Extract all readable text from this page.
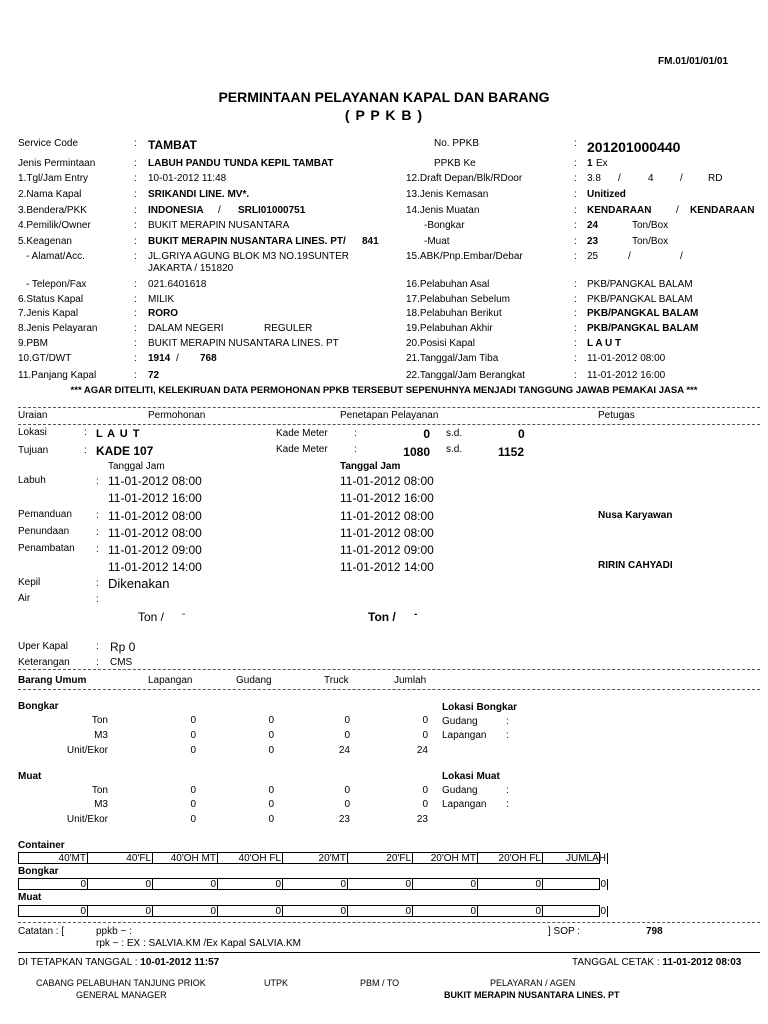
FM.01/01/01/01
PERMINTAAN PELAYANAN KAPAL DAN BARANG
( P P K B )
Service Code	: TAMBAT
Jenis Permintaan	: LABUH PANDU TUNDA KEPIL TAMBAT
1.Tgl/Jam Entry	: 10-01-2012 11:48
2.Nama Kapal	: SRIKANDI LINE. MV*.
3.Bendera/PKK	: INDONESIA / SRLI01000751
4.Pemilik/Owner	: BUKIT MERAPIN NUSANTARA
5.Keagenan	: BUKIT MERAPIN NUSANTARA LINES. PT/ 841
- Alamat/Acc.	: JL.GRIYA AGUNG BLOK M3 NO.19SUNTER
JAKARTA / 151820
- Telepon/Fax	: 021.6401618
6.Status Kapal	: MILIK
7.Jenis Kapal	: RORO
8.Jenis Pelayaran	: DALAM NEGERI	REGULER
9.PBM	: BUKIT MERAPIN NUSANTARA LINES. PT
10.GT/DWT	: 1914 / 768
11.Panjang Kapal	: 72
No. PPKB	: 201201000440
PPKB Ke	: 1 Ex
12.Draft Depan/Blk/RDoor	: 3.8 /	4	/	RD
13.Jenis Kemasan	: Unitized
14.Jenis Muatan	: KENDARAAN / KENDARAAN
-Bongkar	: 24	Ton/Box
-Muat	: 23	Ton/Box
15.ABK/Pnp.Embar/Debar	: 25	/	/
16.Pelabuhan Asal	: PKB/PANGKAL BALAM
17.Pelabuhan Sebelum	: PKB/PANGKAL BALAM
18.Pelabuhan Berikut	: PKB/PANGKAL BALAM
19.Pelabuhan Akhir	: PKB/PANGKAL BALAM
20.Posisi Kapal	: L A U T
21.Tanggal/Jam Tiba	: 11-01-2012 08:00
22.Tanggal/Jam Berangkat	: 11-01-2012 16:00
*** AGAR DITELITI, KELEKIRUAN DATA PERMOHONAN PPKB TERSEBUT SEPENUHNYA MENJADI TANGGUNG JAWAB PEMAKAI JASA ***
Uraian	Permohonan	Penetapan Pelayanan	Petugas
Lokasi	: L A U T	Kade Meter	:	0 s.d.	0
Tujuan	: KADE 107	Kade Meter	:	1080 s.d.	1152
Tanggal Jam	Tanggal Jam
Labuh	: 11-01-2012 08:00	11-01-2012 08:00
11-01-2012 16:00	11-01-2012 16:00
Pemanduan : 11-01-2012 08:00	11-01-2012 08:00	Nusa Karyawan
Penundaan	: 11-01-2012 08:00	11-01-2012 08:00
Penambatan : 11-01-2012 09:00	11-01-2012 09:00
11-01-2012 14:00	11-01-2012 14:00	RIRIN CAHYADI
Kepil	: Dikenakan
Air	:
Ton / -	Ton / -
Uper Kapal	: Rp 0
Keterangan	: CMS
Barang Umum	Lapangan	Gudang	Truck	Jumlah
Bongkar
Ton	0	0	0	0
M3	0	0	0	0
Unit/Ekor	0	0	24	24
Lokasi Bongkar
Gudang	:
Lapangan :
Muat
Ton	0	0	0	0
M3	0	0	0	0
Unit/Ekor	0	0	23	23
Lokasi Muat
Gudang	:
Lapangan :
Container
40'MT	40'FL	40'OH MT	40'OH FL	20'MT	20'FL	20'OH MT	20'OH FL	JUMLAH
Bongkar
0	0	0	0	0	0	0	0	0
Muat
0	0	0	0	0	0	0	0	0
Catatan : [	ppkb ~ :
rpk ~ : EX : SALVIA.KM /Ex Kapal SALVIA.KM
] SOP :	798
DI TETAPKAN TANGGAL : 10-01-2012 11:57	TANGGAL CETAK : 11-01-2012 08:03
CABANG PELABUHAN TANJUNG PRIOK
GENERAL MANAGER
UTPK	PBM / TO	PELAYARAN / AGEN
BUKIT MERAPIN NUSANTARA LINES. PT
